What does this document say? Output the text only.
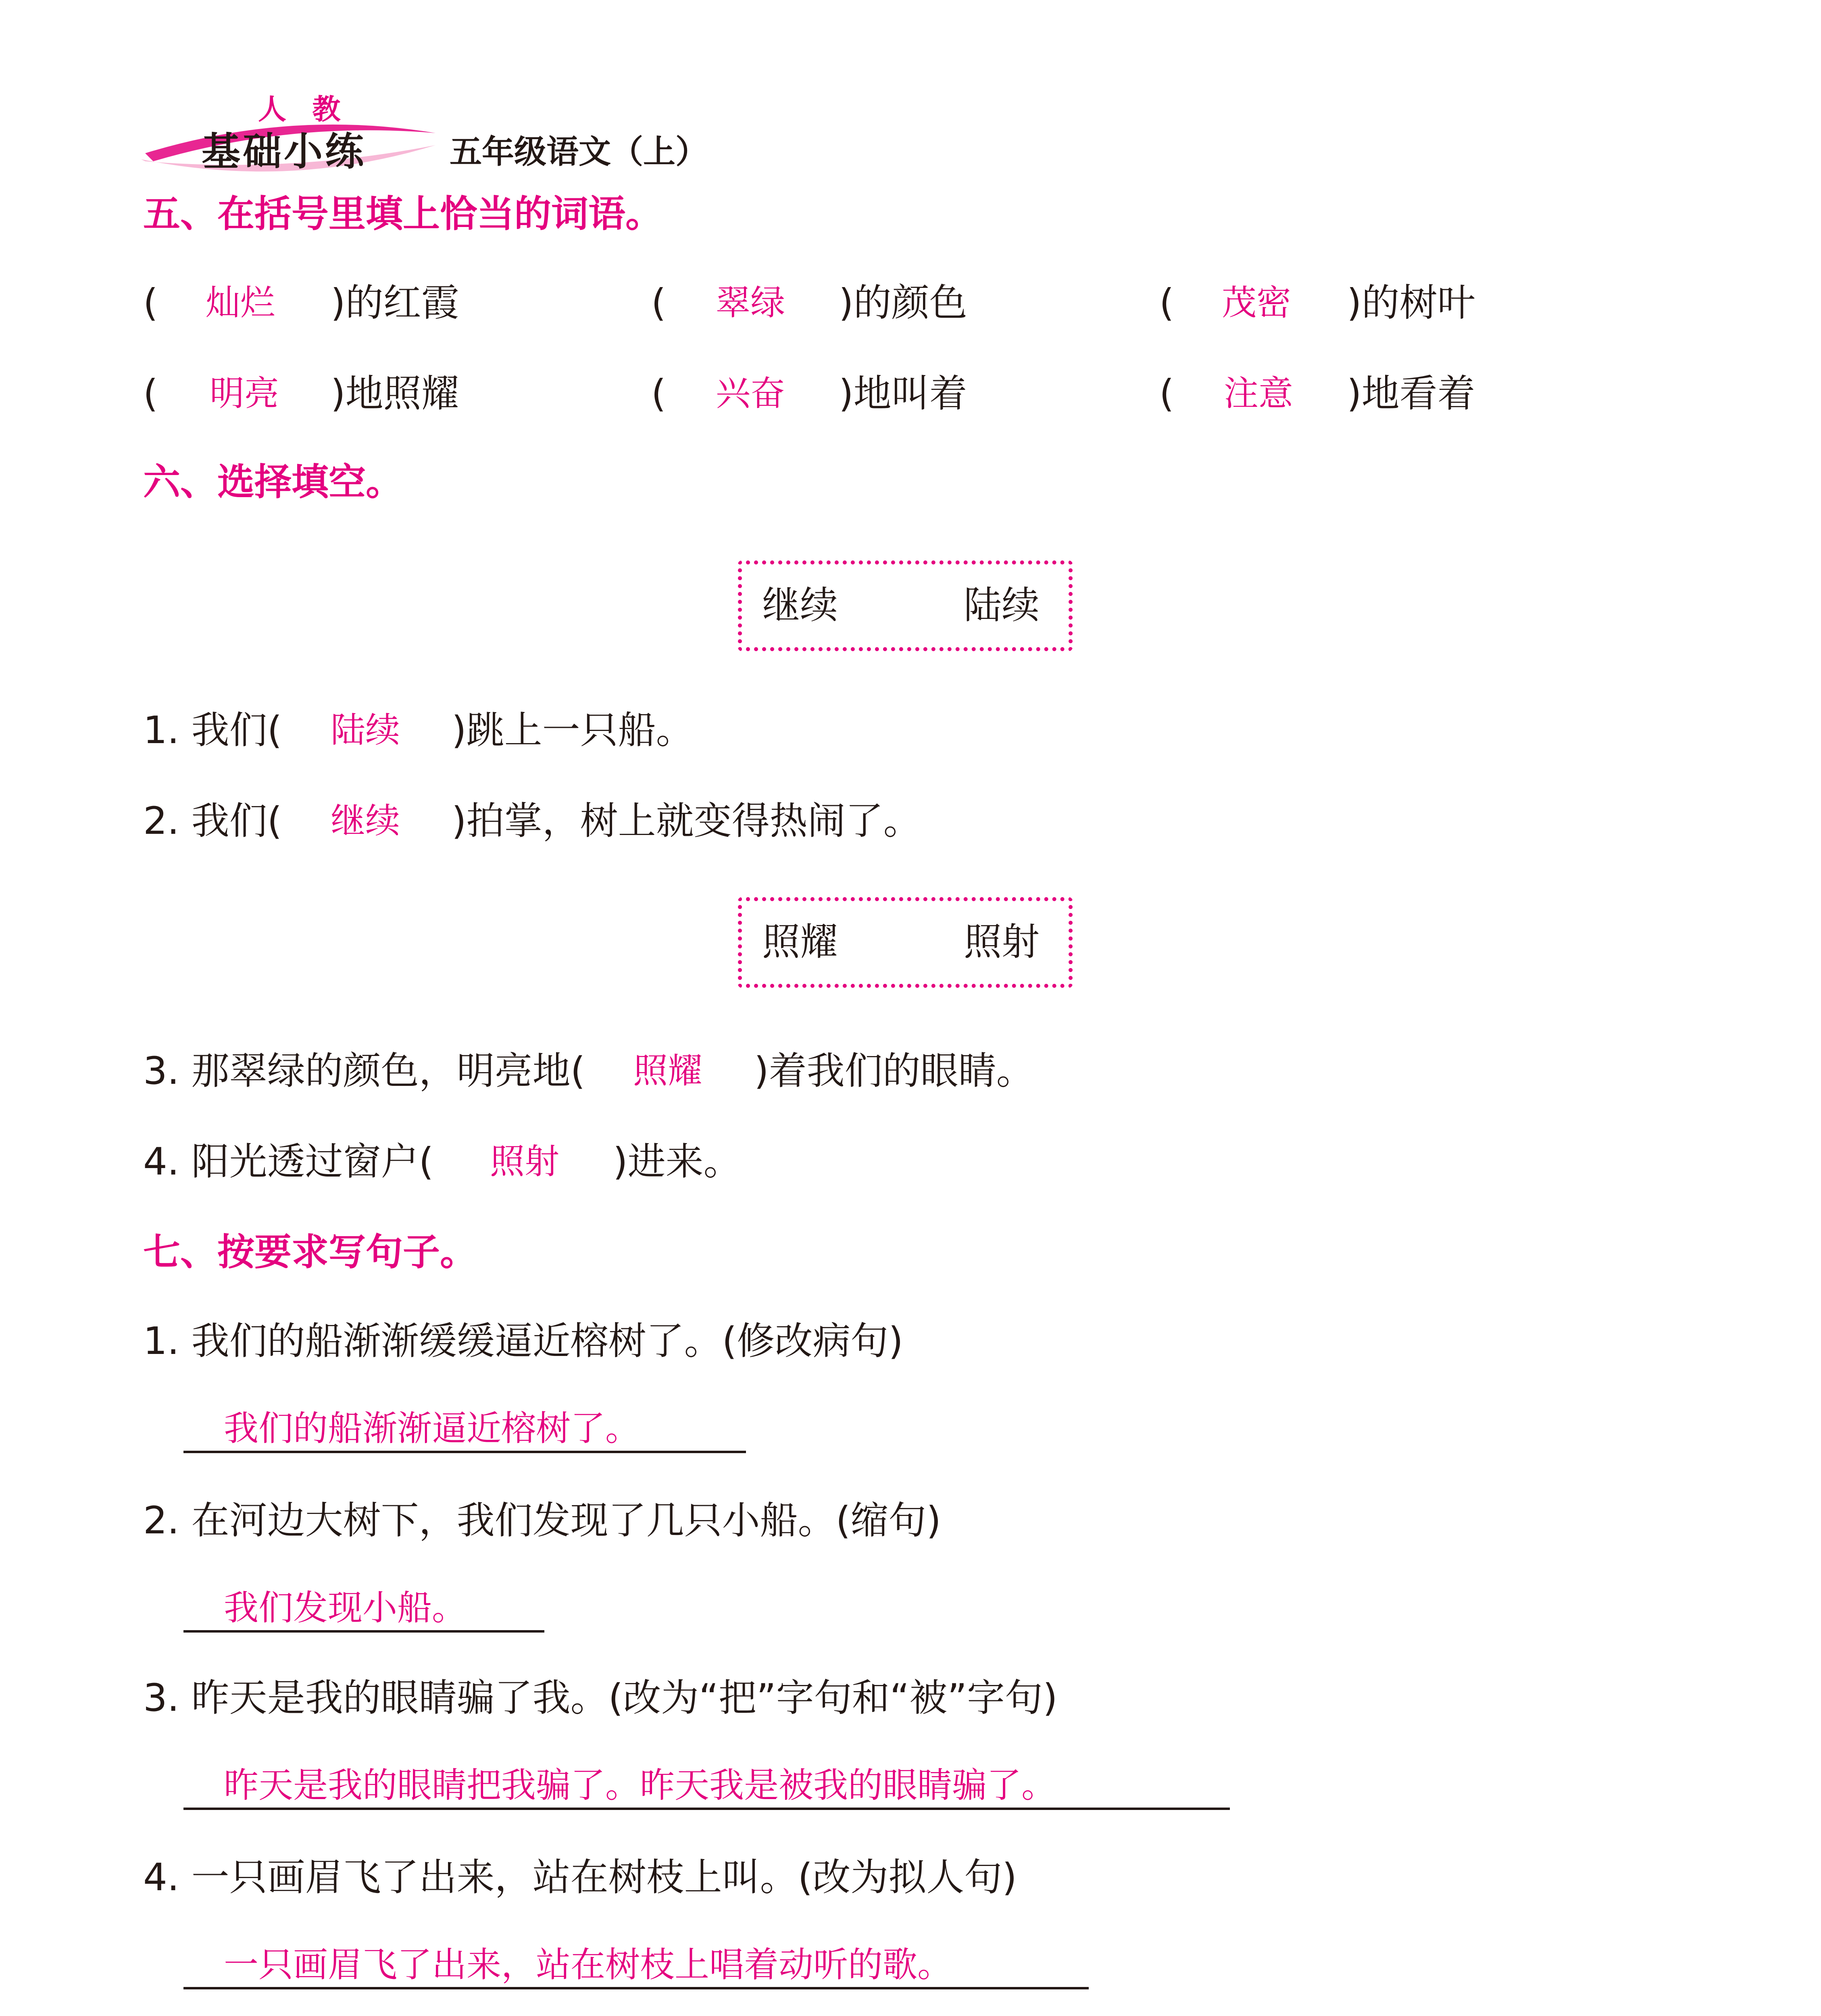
人 教
基础小练	五年级语文（上）
五、在括号里填上恰当的词语。
( 灿烂 )的红霞	( 翠绿 )的颜色	( 茂密 )的树叶
( 明亮 )地照耀	( 兴奋 )地叫着	( 注意 )地看着
六、选择填空。
继续	陆续
1. 我们( 陆续 )跳上一只船。
2. 我们( 继续 )拍掌，树上就变得热闹了。
照耀	照射
3. 那翠绿的颜色，明亮地( 照耀 )着我们的眼睛。
4. 阳光透过窗户( 照射 )进来。
七、按要求写句子。
1. 我们的船渐渐缓缓逼近榕树了。(修改病句)
我们的船渐渐逼近榕树了。
2. 在河边大树下，我们发现了几只小船。(缩句)
我们发现小船。
3. 昨天是我的眼睛骗了我。(改为“把”字句和“被”字句)
昨天是我的眼睛把我骗了。昨天我是被我的眼睛骗了。
4. 一只画眉飞了出来，站在树枝上叫。(改为拟人句)
一只画眉飞了出来，站在树枝上唱着动听的歌。
